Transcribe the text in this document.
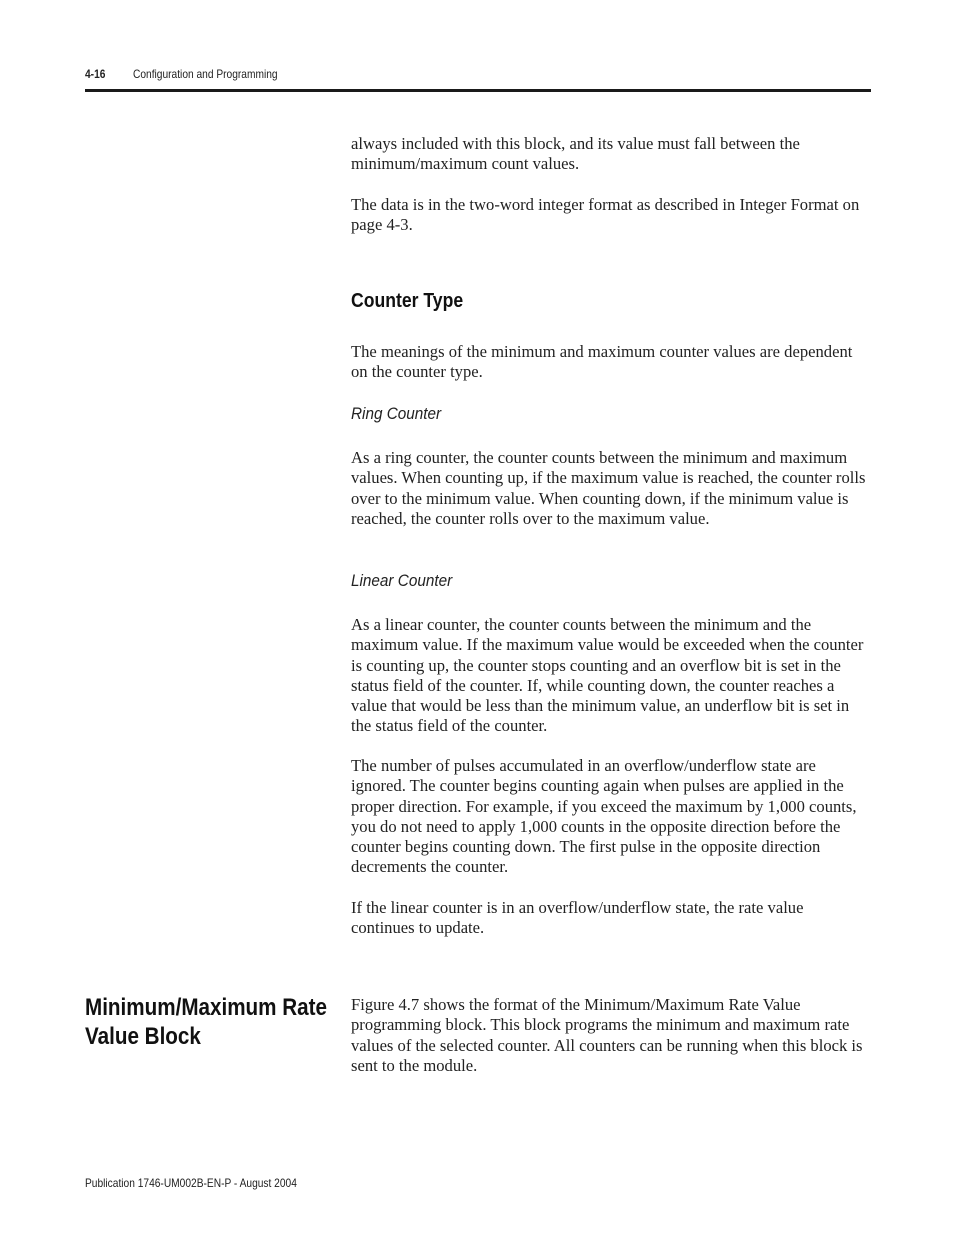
4-16 Configuration and Programming

always included with this block, and its value must fall between the minimum/maximum count values.

The data is in the two-word integer format as described in Integer Format on page 4-3.

Counter Type

The meanings of the minimum and maximum counter values are dependent on the counter type.

Ring Counter

As a ring counter, the counter counts between the minimum and maximum values. When counting up, if the maximum value is reached, the counter rolls over to the minimum value. When counting down, if the minimum value is reached, the counter rolls over to the maximum value.

Linear Counter

As a linear counter, the counter counts between the minimum and the maximum value. If the maximum value would be exceeded when the counter is counting up, the counter stops counting and an overflow bit is set in the status field of the counter. If, while counting down, the counter reaches a value that would be less than the minimum value, an underflow bit is set in the status field of the counter.

The number of pulses accumulated in an overflow/underflow state are ignored. The counter begins counting again when pulses are applied in the proper direction. For example, if you exceed the maximum by 1,000 counts, you do not need to apply 1,000 counts in the opposite direction before the counter begins counting down. The first pulse in the opposite direction decrements the counter.

If the linear counter is in an overflow/underflow state, the rate value continues to update.

Minimum/Maximum Rate
Value Block

Figure 4.7 shows the format of the Minimum/Maximum Rate Value programming block. This block programs the minimum and maximum rate values of the selected counter. All counters can be running when this block is sent to the module.

Publication 1746-UM002B-EN-P - August 2004
